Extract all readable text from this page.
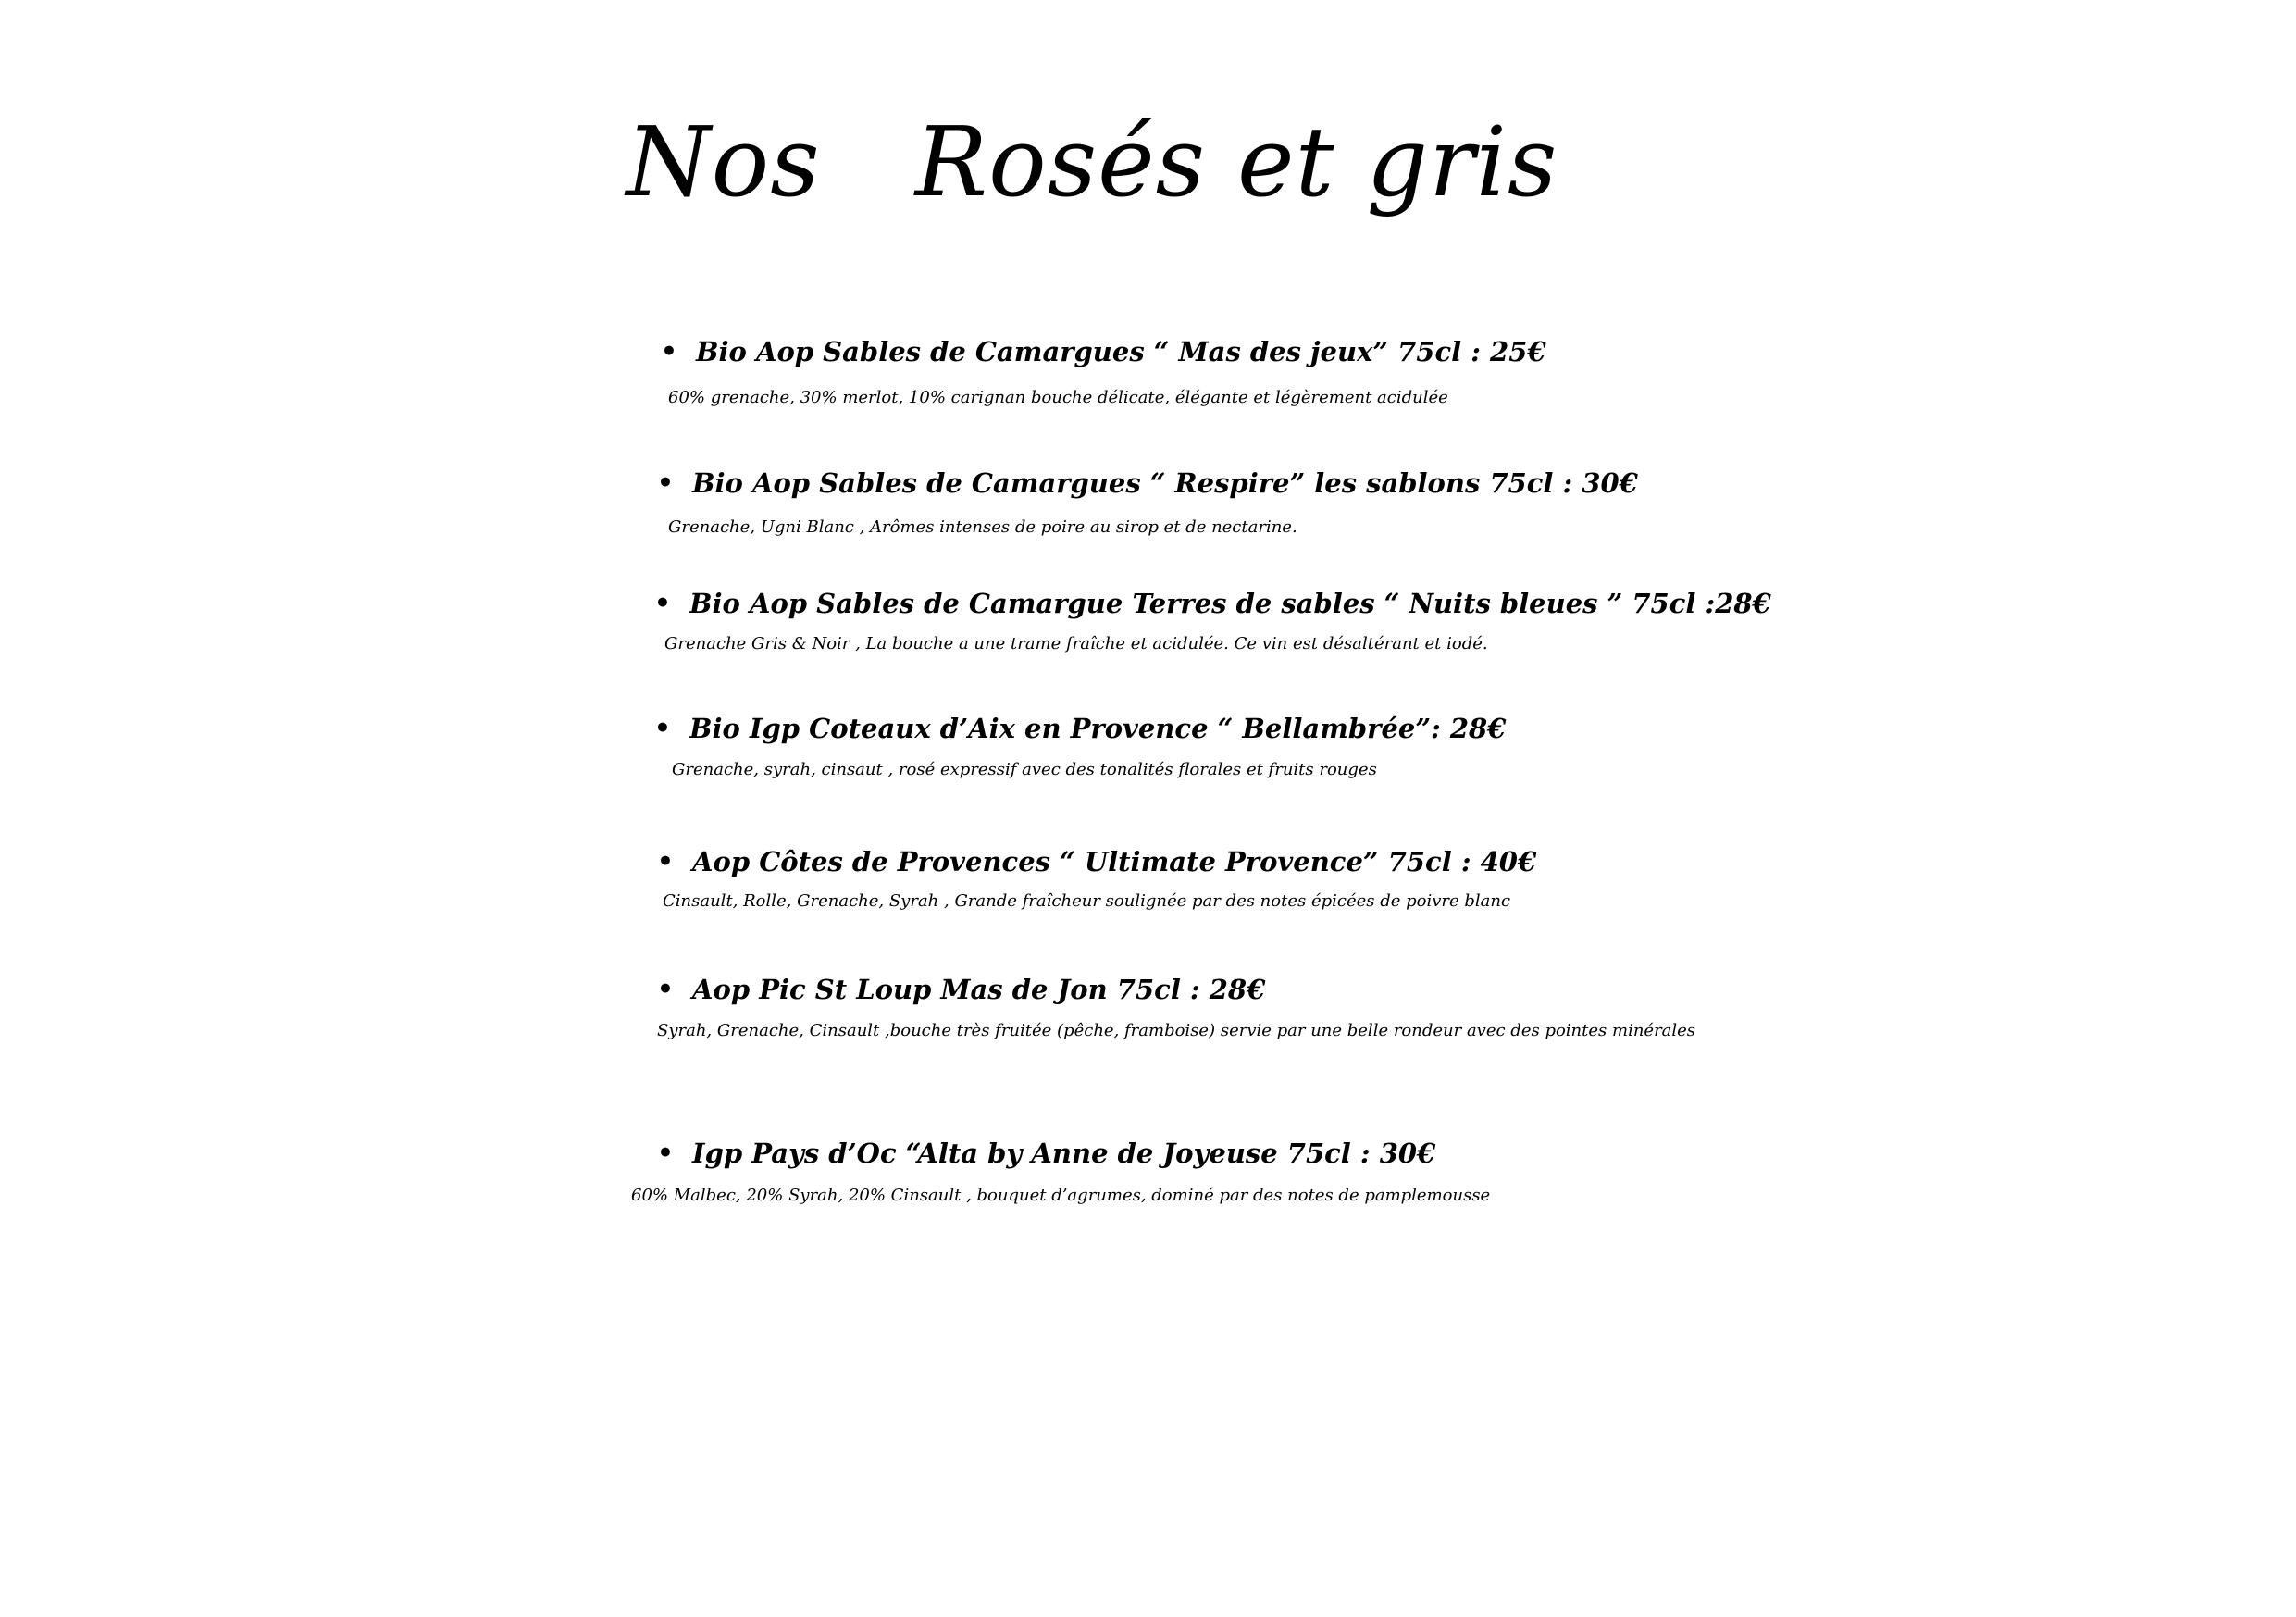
Nos   Rosés et gris
• Bio Aop Sables de Camargues “ Mas des jeux” 75cl : 25€
60% grenache, 30% merlot, 10% carignan bouche délicate, élégante et légèrement acidulée
• Bio Aop Sables de Camargues “ Respire” les sablons 75cl : 30€
Grenache, Ugni Blanc , Arômes intenses de poire au sirop et de nectarine.
• Bio Aop Sables de Camargue Terres de sables “ Nuits bleues ” 75cl :28€
Grenache Gris & Noir , La bouche a une trame fraîche et acidulée. Ce vin est désaltérant et iodé.
• Bio Igp Coteaux d’Aix en Provence “ Bellambrée”: 28€
Grenache, syrah, cinsaut , rosé expressif avec des tonalités florales et fruits rouges
• Aop Côtes de Provences “ Ultimate Provence” 75cl : 40€
Cinsault, Rolle, Grenache, Syrah , Grande fraîcheur soulignée par des notes épicées de poivre blanc
• Aop Pic St Loup Mas de Jon 75cl : 28€
Syrah, Grenache, Cinsault ,bouche très fruitée (pêche, framboise) servie par une belle rondeur avec des pointes minérales
• Igp Pays d’Oc “Alta by Anne de Joyeuse 75cl : 30€
60% Malbec, 20% Syrah, 20% Cinsault , bouquet d’agrumes, dominé par des notes de pamplemousse
